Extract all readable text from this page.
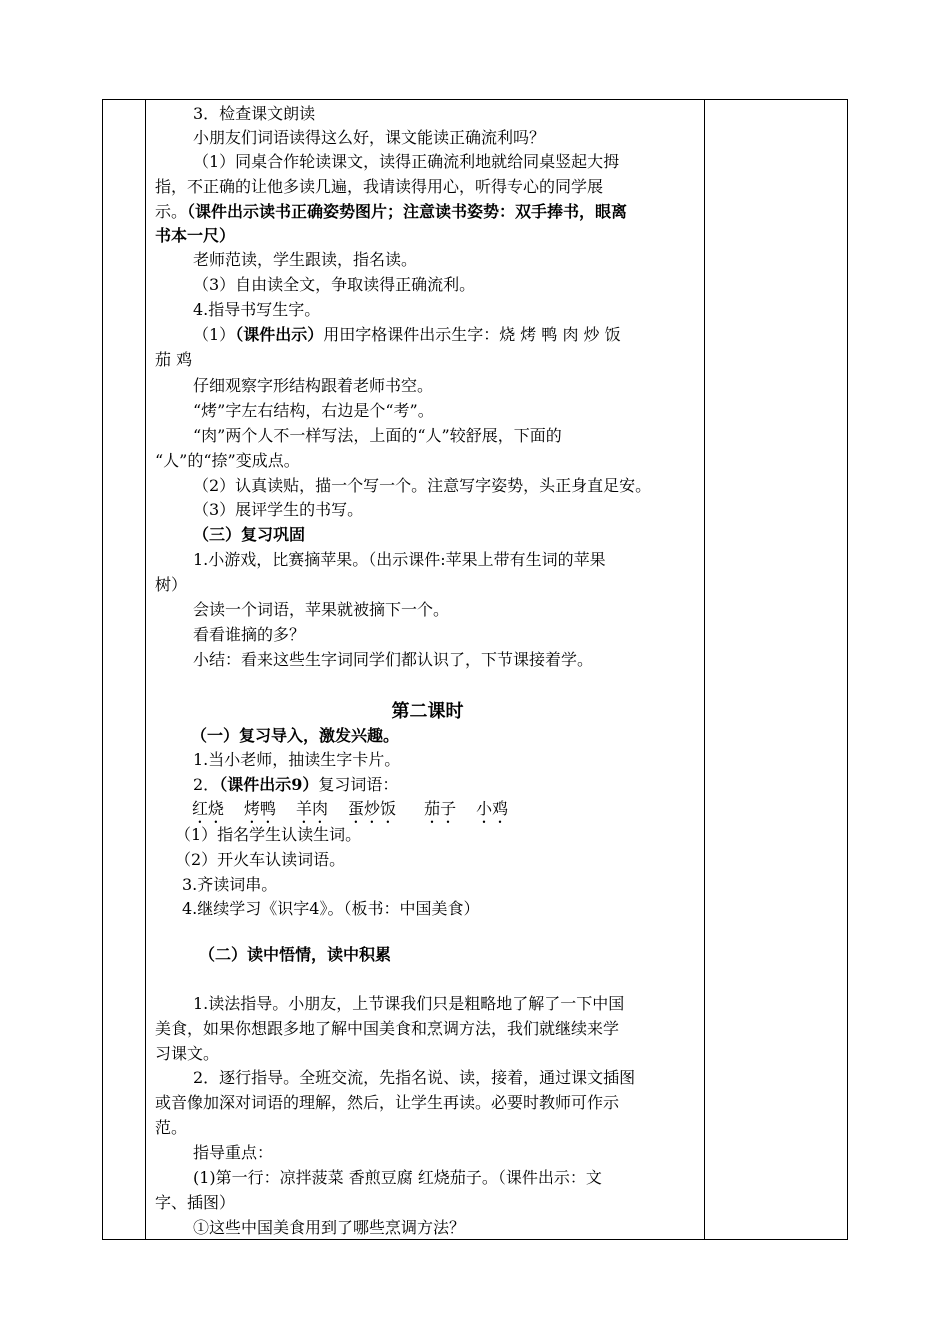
3．检查课文朗读
小朋友们词语读得这么好，课文能读正确流利吗？
（1）同桌合作轮读课文，读得正确流利地就给同桌竖起大拇
指，不正确的让他多读几遍，我请读得用心，听得专心的同学展
示。（课件出示读书正确姿势图片；注意读书姿势：双手捧书，眼离
书本一尺）
老师范读，学生跟读，指名读。
（3）自由读全文，争取读得正确流利。
4.指导书写生字。
（1）（课件出示）用田字格课件出示生字：烧 烤 鸭 肉 炒 饭
茄 鸡
仔细观察字形结构跟着老师书空。
“烤”字左右结构，右边是个“考”。
“肉”两个人不一样写法，上面的“人”较舒展，下面的
“人”的“捺”变成点。
（2）认真读贴，描一个写一个。注意写字姿势，头正身直足安。
（3）展评学生的书写。
（三）复习巩固
1.小游戏，比赛摘苹果。（出示课件:苹果上带有生词的苹果
树）
会读一个词语，苹果就被摘下一个。
看看谁摘的多？
小结：看来这些生字词同学们都认识了，下节课接着学。
第二课时
（一）复习导入，激发兴趣。
1.当小老师，抽读生字卡片。
2．（课件出示9）复习词语：
红烧 烤鸭 羊肉 蛋炒饭 茄子 小鸡
（1）指名学生认读生词。
（2）开火车认读词语。
3.齐读词串。
4.继续学习《识字4》。（板书：中国美食）
（二）读中悟情，读中积累
1.读法指导。小朋友，上节课我们只是粗略地了解了一下中国
美食，如果你想跟多地了解中国美食和烹调方法，我们就继续来学
习课文。
2．逐行指导。全班交流，先指名说、读，接着，通过课文插图
或音像加深对词语的理解，然后，让学生再读。必要时教师可作示
范。
指导重点：
(1)第一行：凉拌菠菜 香煎豆腐 红烧茄子。（课件出示：文
字、插图）
①这些中国美食用到了哪些烹调方法？
